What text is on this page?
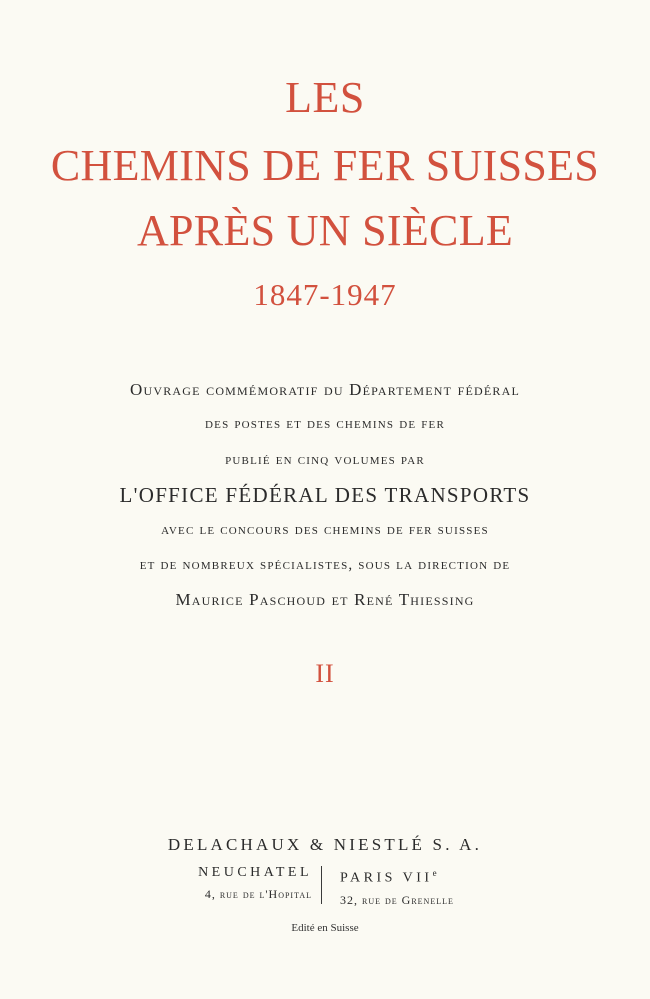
LES
CHEMINS DE FER SUISSES
APRÈS UN SIÈCLE
1847-1947
Ouvrage commémoratif du Département fédéral
des postes et des chemins de fer
publié en cinq volumes par
L'OFFICE FÉDÉRAL DES TRANSPORTS
avec le concours des chemins de fer suisses
et de nombreux spécialistes, sous la direction de
Maurice Paschoud et René Thiessing
II
DELACHAUX & NIESTLÉ S. A.
NEUCHATEL
4, rue de l'Hopital
PARIS VIIe
32, rue de Grenelle
Edité en Suisse
